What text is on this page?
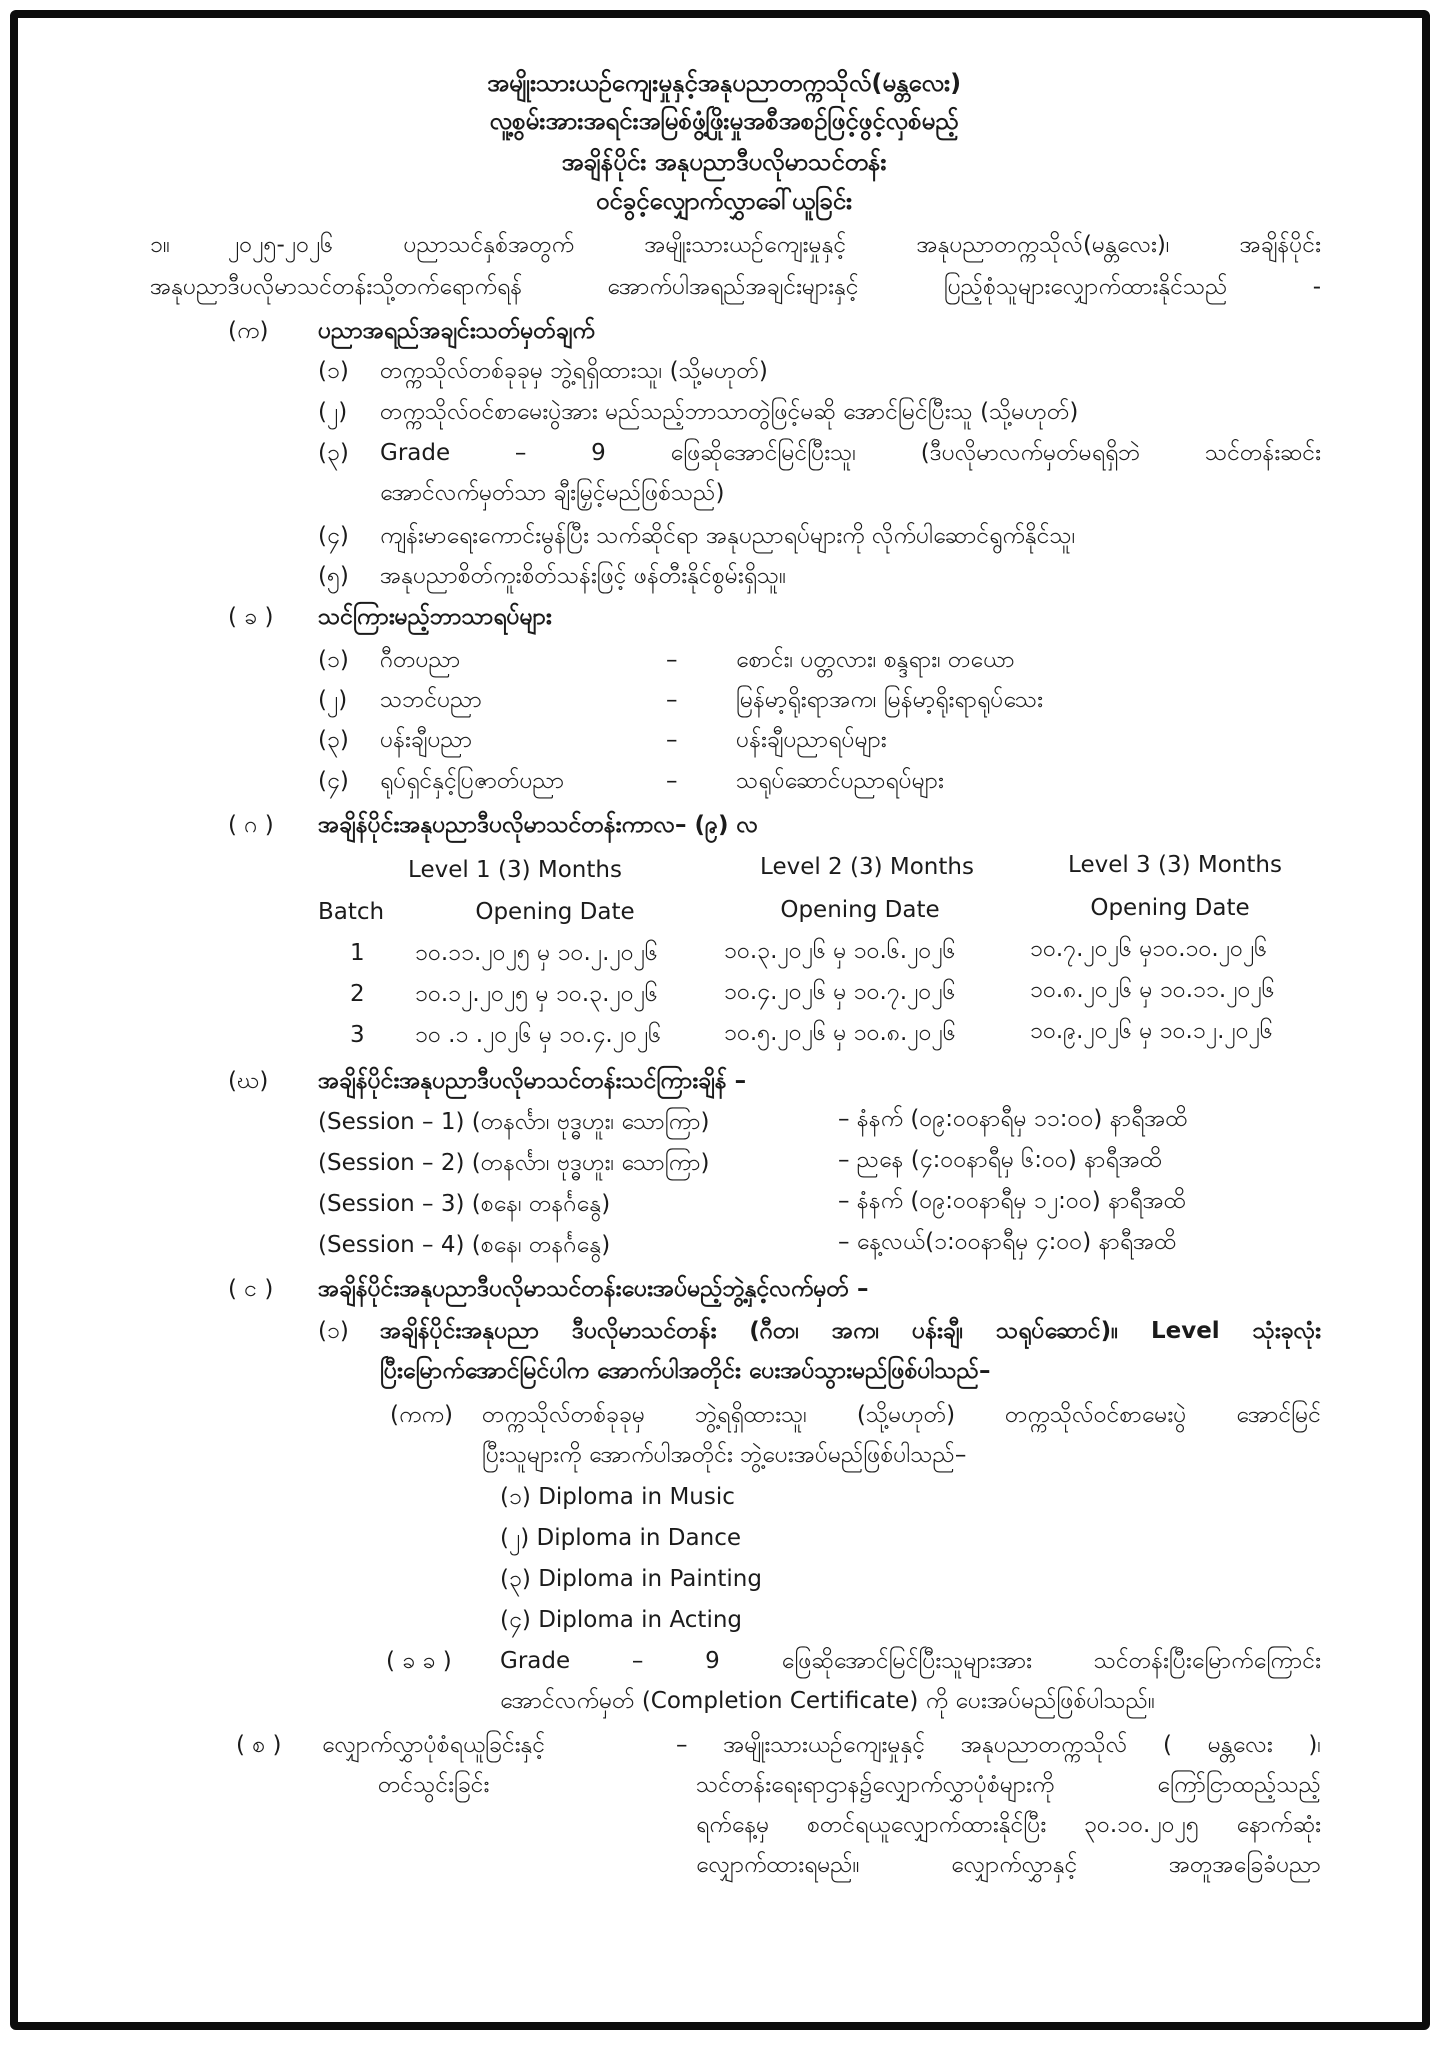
အမျိုးသားယဉ်ကျေးမှုနှင့်အနုပညာတက္ကသိုလ်(မန္တလေး)
လူ့စွမ်းအားအရင်းအမြစ်ဖွံ့ဖြိုးမှုအစီအစဉ်ဖြင့်ဖွင့်လှစ်မည့်
အချိန်ပိုင်း အနုပညာဒီပလိုမာသင်တန်း
ဝင်ခွင့်လျှောက်လွှာခေါ်ယူခြင်း
၁။	၂၀၂၅-၂၀၂၆ ပညာသင်နှစ်အတွက် အမျိုးသားယဉ်ကျေးမှုနှင့် အနုပညာတက္ကသိုလ်(မန္တလေး)၊ အချိန်ပိုင်း
အနုပညာဒီပလိုမာသင်တန်းသို့တက်ရောက်ရန် အောက်ပါအရည်အချင်းများနှင့် ပြည့်စုံသူများလျှောက်ထားနိုင်သည် -
(က) ပညာအရည်အချင်းသတ်မှတ်ချက်
(၁) တက္ကသိုလ်တစ်ခုခုမှ ဘွဲ့ရရှိထားသူ၊ (သို့မဟုတ်)
(၂) တက္ကသိုလ်ဝင်စာမေးပွဲအား မည်သည့်ဘာသာတွဲဖြင့်မဆို အောင်မြင်ပြီးသူ (သို့မဟုတ်)
(၃) Grade – 9 ဖြေဆိုအောင်မြင်ပြီးသူ၊ (ဒီပလိုမာလက်မှတ်မရရှိဘဲ သင်တန်းဆင်း
အောင်လက်မှတ်သာ ချီးမြှင့်မည်ဖြစ်သည်)
(၄) ကျန်းမာရေးကောင်းမွန်ပြီး သက်ဆိုင်ရာ အနုပညာရပ်များကို လိုက်ပါဆောင်ရွက်နိုင်သူ၊
(၅) အနုပညာစိတ်ကူးစိတ်သန်းဖြင့် ဖန်တီးနိုင်စွမ်းရှိသူ။
( ခ ) သင်ကြားမည့်ဘာသာရပ်များ
(၁) ဂီတပညာ	–	စောင်း၊ ပတ္တလား၊ စန္ဒရား၊ တယော
(၂) သဘင်ပညာ	–	မြန်မာ့ရိုးရာအက၊ မြန်မာ့ရိုးရာရုပ်သေး
(၃) ပန်းချီပညာ	–	ပန်းချီပညာရပ်များ
(၄) ရုပ်ရှင်နှင့်ပြဇာတ်ပညာ	–	သရုပ်ဆောင်ပညာရပ်များ
( ဂ ) အချိန်ပိုင်းအနုပညာဒီပလိုမာသင်တန်းကာလ– (၉) လ
Level 1 (3) Months	Level 2 (3) Months	Level 3 (3) Months
Batch	Opening Date	Opening Date	Opening Date
1 ၁၀.၁၁.၂၀၂၅ မှ ၁၀.၂.၂၀၂၆	၁၀.၃.၂၀၂၆ မှ ၁၀.၆.၂၀၂၆	၁၀.၇.၂၀၂၆ မှ၁၀.၁၀.၂၀၂၆
2 ၁၀.၁၂.၂၀၂၅ မှ ၁၀.၃.၂၀၂၆	၁၀.၄.၂၀၂၆ မှ ၁၀.၇.၂၀၂၆	၁၀.၈.၂၀၂၆ မှ ၁၀.၁၁.၂၀၂၆
3 ၁၀ .၁ .၂၀၂၆ မှ ၁၀.၄.၂၀၂၆	၁၀.၅.၂၀၂၆ မှ ၁၀.၈.၂၀၂၆	၁၀.၉.၂၀၂၆ မှ ၁၀.၁၂.၂၀၂၆
(ဃ) အချိန်ပိုင်းအနုပညာဒီပလိုမာသင်တန်းသင်ကြားချိန် –
(Session – 1) (တနင်္လာ၊ ဗုဒ္ဓဟူး၊ သောကြာ)	– နံနက် (၀၉:၀၀နာရီမှ ၁၁:၀၀) နာရီအထိ
(Session – 2) (တနင်္လာ၊ ဗုဒ္ဓဟူး၊ သောကြာ)	– ညနေ (၄:၀၀နာရီမှ ၆:၀၀) နာရီအထိ
(Session – 3) (စနေ၊ တနင်္ဂနွေ)	– နံနက် (၀၉:၀၀နာရီမှ ၁၂:၀၀) နာရီအထိ
(Session – 4) (စနေ၊ တနင်္ဂနွေ)	– နေ့လယ်(၁:၀၀နာရီမှ ၄:၀၀) နာရီအထိ
( င ) အချိန်ပိုင်းအနုပညာဒီပလိုမာသင်တန်းပေးအပ်မည့်ဘွဲ့နှင့်လက်မှတ် –
(၁) အချိန်ပိုင်းအနုပညာ ဒီပလိုမာသင်တန်း (ဂီတ၊ အက၊ ပန်းချီ၊ သရုပ်ဆောင်)။ Level သုံးခုလုံး
ပြီးမြောက်အောင်မြင်ပါက အောက်ပါအတိုင်း ပေးအပ်သွားမည်ဖြစ်ပါသည်–
(ကက) တက္ကသိုလ်တစ်ခုခုမှ ဘွဲ့ရရှိထားသူ၊ (သို့မဟုတ်) တက္ကသိုလ်ဝင်စာမေးပွဲ အောင်မြင်
ပြီးသူများကို အောက်ပါအတိုင်း ဘွဲ့ပေးအပ်မည်ဖြစ်ပါသည်–
(၁) Diploma in Music
(၂) Diploma in Dance
(၃) Diploma in Painting
(၄) Diploma in Acting
( ခ ခ ) Grade – 9 ဖြေဆိုအောင်မြင်ပြီးသူများအား သင်တန်းပြီးမြောက်ကြောင်း
အောင်လက်မှတ် (Completion Certificate) ကို ပေးအပ်မည်ဖြစ်ပါသည်။
( စ ) လျှောက်လွှာပုံစံရယူခြင်းနှင့်
တင်သွင်းခြင်း
– အမျိုးသားယဉ်ကျေးမှုနှင့် အနုပညာတက္ကသိုလ် ( မန္တလေး )၊
သင်တန်းရေးရာဌာန၌လျှောက်လွှာပုံစံများကို ကြော်ငြာထည့်သည့်
ရက်နေ့မှ စတင်ရယူလျှောက်ထားနိုင်ပြီး ၃၀.၁၀.၂၀၂၅ နောက်ဆုံး
လျှောက်ထားရမည်။ လျှောက်လွှာနှင့် အတူအခြေခံပညာ
